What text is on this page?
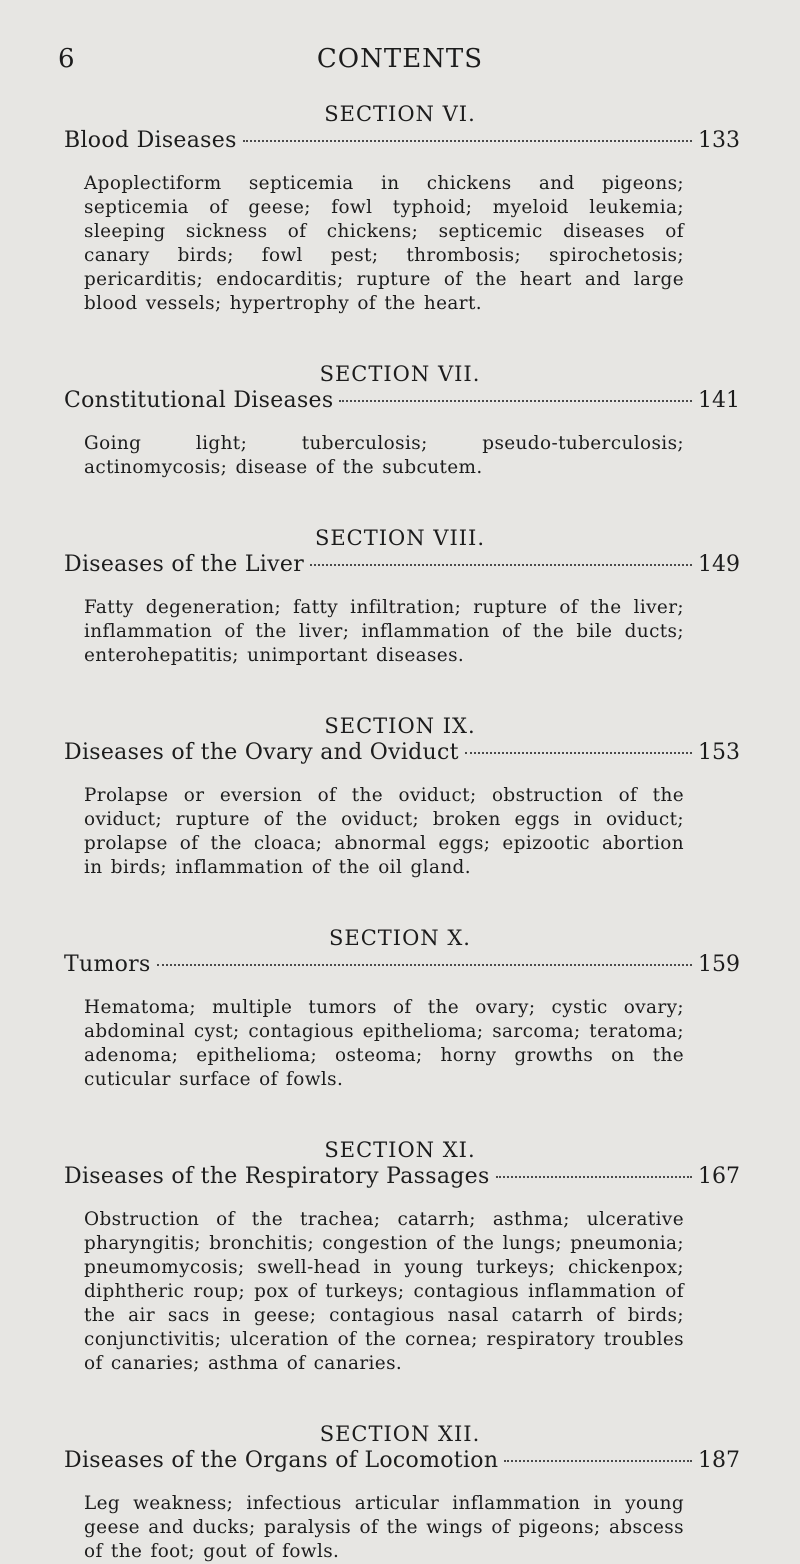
6	CONTENTS
SECTION VI.
Blood Diseases	133
Apoplectiform septicemia in chickens and pigeons; septicemia of geese; fowl typhoid; myeloid leukemia; sleeping sickness of chickens; septicemic diseases of canary birds; fowl pest; thrombosis; spirochetosis; pericarditis; endocarditis; rupture of the heart and large blood vessels; hypertrophy of the heart.
SECTION VII.
Constitutional Diseases	141
Going light; tuberculosis; pseudo-tuberculosis; actinomycosis; disease of the subcutem.
SECTION VIII.
Diseases of the Liver	149
Fatty degeneration; fatty infiltration; rupture of the liver; inflammation of the liver; inflammation of the bile ducts; enterohepatitis; unimportant diseases.
SECTION IX.
Diseases of the Ovary and Oviduct	153
Prolapse or eversion of the oviduct; obstruction of the oviduct; rupture of the oviduct; broken eggs in oviduct; prolapse of the cloaca; abnormal eggs; epizootic abortion in birds; inflammation of the oil gland.
SECTION X.
Tumors	159
Hematoma; multiple tumors of the ovary; cystic ovary; abdominal cyst; contagious epithelioma; sarcoma; teratoma; adenoma; epithelioma; osteoma; horny growths on the cuticular surface of fowls.
SECTION XI.
Diseases of the Respiratory Passages	167
Obstruction of the trachea; catarrh; asthma; ulcerative pharyngitis; bronchitis; congestion of the lungs; pneumonia; pneumomycosis; swell-head in young turkeys; chickenpox; diphtheric roup; pox of turkeys; contagious inflammation of the air sacs in geese; contagious nasal catarrh of birds; conjunctivitis; ulceration of the cornea; respiratory troubles of canaries; asthma of canaries.
SECTION XII.
Diseases of the Organs of Locomotion	187
Leg weakness; infectious articular inflammation in young geese and ducks; paralysis of the wings of pigeons; abscess of the foot; gout of fowls.
